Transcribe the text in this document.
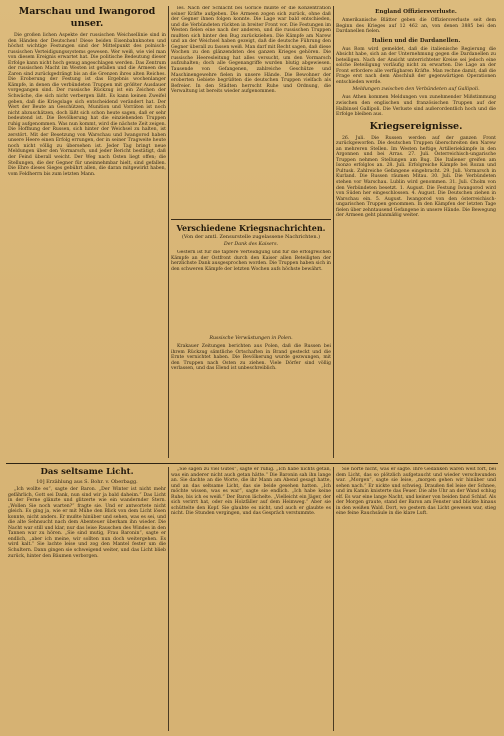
Marschau und Iwangorod unser.

Die großen lichen Aspekte der russischen Weichsellinie sind in den Händen der Deutschen! Diese beiden Eisenbahnknoten und höchst wichtige Festungen sind der Mittelpunkt des polnisch-russischen Verteidigungssystems gewesen. Wer weiß, wie viel man von diesem Ereignis erwartet hat. Die politische Bedeutung dieser Erfolge kann nicht hoch genug angeschlagen werden. Das Zentrum der russischen Macht im Westen ist gefallen und die Armeen des Zaren sind zurückgedrängt bis an die Grenzen ihres alten Reiches. Die Eroberung der Festung ist das Ergebnis wochenlanger Kämpfe, in denen die verbündeten Truppen mit größter Ausdauer vorgegangen sind. Der russische Rückzug ist ein Zeichen der Schwäche, die sich nicht verbergen läßt. Es kann keinen Zweifel geben, daß die Kriegslage sich entscheidend verändert hat. Der Wert der Beute an Geschützen, Munition und Vorräten ist noch nicht abzuschätzen, doch läßt sich schon heute sagen, daß er sehr bedeutend ist. Die Bevölkerung hat die einziehenden Truppen ruhig aufgenommen. Was nun kommt, wird die nächste Zeit zeigen. Die Hoffnung der Russen, sich hinter der Weichsel zu halten, ist zerstört. Mit der Besetzung von Warschau und Iwangorod haben unsere Heere einen Erfolg errungen, der in seiner Tragweite heute noch nicht völlig zu übersehen ist. Jeder Tag bringt neue Meldungen über den Vormarsch, und jeder Bericht bestätigt, daß der Feind überall weicht. Der Weg nach Osten liegt offen; die Stellungen, die der Gegner für uneinnehmbar hielt, sind gefallen. Die Ehre dieses Sieges gebührt allen, die daran mitgewirkt haben, vom Feldherrn bis zum letzten Mann.

les. Nach der Schlacht bei Gorlice mußte er die Konzentration seiner Kräfte aufgeben. Die Armeen zogen sich zurück, ohne daß der Gegner ihnen folgen konnte. Die Lage war bald entschieden, und die Verbündeten rückten in breiter Front vor. Die Festungen im Westen fielen eine nach der anderen, und die russischen Truppen mußten sich hinter den Bug zurückziehen. Die Kämpfe am Narew und an der Weichsel haben gezeigt, daß die deutsche Führung den Gegner überall zu fassen weiß. Man darf mit Recht sagen, daß diese Wochen zu den glänzendsten des ganzen Krieges gehören. Die russische Heeresleitung hat alles versucht, um den Vormarsch aufzuhalten; doch alle Gegenangriffe wurden blutig abgewiesen. Tausende von Gefangenen, zahlreiche Geschütze und Maschinengewehre fielen in unsere Hände. Die Bewohner der eroberten Gebiete begrüßten die deutschen Truppen vielfach als Befreier. In den Städten herrscht Ruhe und Ordnung, die Verwaltung ist bereits wieder aufgenommen.

Verschiedene Kriegsnachrichten.
(Von der amtl. Zensurstelle zugelassene Nachrichten.)
Der Dank des Kaisers.

Gestern ist für die tapfere Verteidigung und für die erfolgreichen Kämpfe an der Ostfront durch den Kaiser allen Beteiligten der herzlichste Dank ausgesprochen worden. Die Truppen haben sich in den schweren Kämpfe der letzten Wochen aufs höchste bewährt.

Russische Verwüstungen in Polen.

Krakauer Zeitungen berichten aus Polen, daß die Russen bei ihrem Rückzug sämtliche Ortschaften in Brand gesteckt und die Ernte vernichtet haben. Die Bevölkerung wurde gezwungen, mit den Truppen nach Osten zu ziehen. Viele Dörfer sind völlig verlassen, und das Elend ist unbeschreiblich.

England Offiziersverluste.

Amerikanische Blätter geben die Offiziersverluste seit dem Beginn des Krieges auf 12 462 an, von denen 3885 bei den Dardanellen fielen.

Italien und die Dardanellen.

Aus Rom wird gemeldet, daß die italienische Regierung die Absicht habe, sich an der Unternehmung gegen die Dardanellen zu beteiligen. Nach der Ansicht unterrichteter Kreise sei jedoch eine solche Beteiligung vorläufig nicht zu erwarten. Die Lage an der Front erfordere alle verfügbaren Kräfte. Man rechne damit, daß die Frage erst nach dem Abschluß der gegenwärtigen Operationen entschieden werde.

Meldungen zwischen den Verbündeten auf Gallipoli.

Aus Athen kommen Meldungen von zunehmender Mißstimmung zwischen den englischen und französischen Truppen auf der Halbinsel Gallipoli. Die Verluste sind außerordentlich hoch und die Erfolge bleiben aus.

Kriegsereignisse.

26. Juli. Die Russen werden auf der ganzen Front zurückgeworfen. Die deutschen Truppen überschreiten den Narew an mehreren Stellen. Im Westen heftige Artilleriekämpfe in den Argonnen und bei Arras. 27. Juli. Österreichisch-ungarische Truppen nehmen Stellungen am Bug. Die Italiener greifen am Isonzo erfolglos an. 28. Juli. Erfolgreiche Kämpfe bei Rozan und Pultusk. Zahlreiche Gefangene eingebracht. 29. Juli. Vormarsch in Kurland. Die Russen räumen Mitau. 30. Juli. Die Verbündeten stehen vor Warschau. Lublin wird genommen. 31. Juli. Cholm von den Verbündeten besetzt. 1. August. Die Festung Iwangorod wird von Süden her eingeschlossen. 4. August. Die Deutschen ziehen in Warschau ein. 5. August. Iwangorod von den österreichisch-ungarischen Truppen genommen. In den Kämpfen der letzten Tage fielen über zehntausend Gefangene in unsere Hände. Die Bewegung der Armeen geht planmäßig weiter.

Das seltsame Licht.
10] Erzählung aus S. Bohr. v. Oberbagg.

„Ich wollte es“, sagte der Baron. „Der Winter ist nicht mehr gefährlich, Gott sei Dank, nun sind wir ja bald daheim.“ Das Licht in der Ferne glänzte und glitzerte wie ein wandernder Stern. „Wollen Sie noch warten?“ fragte sie. Und er antwortete nicht gleich. Es ging ja, wie er mit Mühe den Blick von dem Licht lösen konnte, nicht anders. Er mußte hinüber und sehen, was es sei, und die alte Sehnsucht nach dem Abenteuer überkam ihn wieder. Die Nacht war still und klar, nur das leise Rauschen des Windes in den Tannen war zu hören. „Sie sind mutig, Frau Baronin“, sagte er endlich, „aber ich meine, wir sollten nun doch weitergehen. Es wird kalt.“ Sie lachte leise und zog den Mantel fester um die Schultern. Dann gingen sie schweigend weiter, und das Licht blieb zurück, hinter den Bäumen verborgen.

„Sie sagen zu viel Gutes“, sagte er ruhig. „Ich habe nichts getan, was ein anderer nicht auch getan hätte.“ Die Baronin sah ihn lange an. Sie dachte an die Worte, die ihr Mann am Abend gesagt hatte, und an das seltsame Licht, das sie beide gesehen hatten. „Ich möchte wissen, was es war“, sagte sie endlich. „Ich habe keine Ruhe, bis ich es weiß.“ Der Baron lächelte. „Vielleicht ein Jäger, der sich verirrt hat, oder ein Holzfäller auf dem Heimweg.“ Aber sie schüttelte den Kopf. Sie glaubte es nicht, und auch er glaubte es nicht. Die Stunden vergingen, und das Gespräch verstummte.

Sie hörte nicht, was er sagte. Ihre Gedanken waren weit fort, bei dem Licht, das so plötzlich aufgetaucht und wieder verschwunden war. „Morgen“, sagte sie leise, „morgen gehen wir hinüber und sehen nach.“ Er nickte und schwieg. Draußen fiel leise der Schnee, und im Kamin knisterte das Feuer. Die alte Uhr an der Wand schlug elf. Es war eine lange Nacht, und keiner von beiden fand Schlaf. Als der Morgen graute, stand der Baron am Fenster und blickte hinaus in den weißen Wald. Dort, wo gestern das Licht gewesen war, stieg eine feine Rauchsäule in die klare Luft.
